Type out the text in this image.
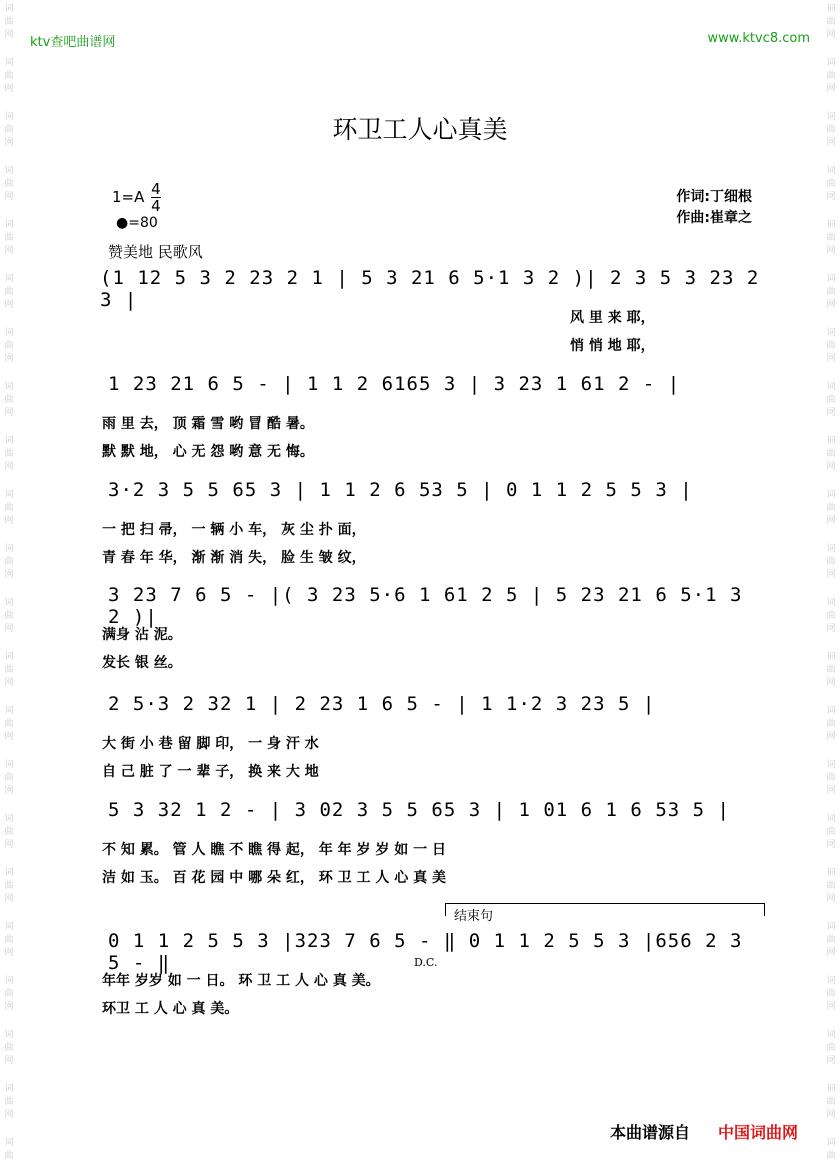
词
曲
网
词
曲
网
词
曲
网
词
曲
网
词
曲
网
词
曲
网
词
曲
网
词
曲
网
词
曲
网
词
曲
网
词
曲
网
词
曲
网
词
曲
网
词
曲
网
词
曲
网
词
曲
网
词
曲
网
词
曲
网
词
曲
网
词
曲
网
词
曲
网
词
曲
词
曲
网
词
曲
网
词
曲
网
词
曲
网
词
曲
网
词
曲
网
词
曲
网
词
曲
网
词
曲
网
词
曲
网
词
曲
网
词
曲
网
词
曲
网
词
曲
网
词
曲
网
词
曲
网
词
曲
网
词
曲
网
词
曲
网
词
曲
网
词
曲
网
词
曲
ktv查吧曲谱网	www.ktvc8.com
环卫工人心真美
$1=A \frac{4}{4}$
●=80
赞美地 民歌风
作词:丁细根
作曲:崔章之
(1 12 5 3 2 23 2 1 | 5 3 21 6 5·1 3 2 )| 2 3 5 3 23 2 3 |
风 里 来 耶，
悄 悄 地 耶，
1 23 21 6 5 - | 1 1 2 6165 3 | 3 23 1 61 2 - |
雨 里 去， 顶 霜 雪 哟 冒 酷 暑。
默 默 地， 心 无 怨 哟 意 无 悔。
3·2 3 5 5 65 3 | 1 1 2 6 53 5 | 0 1 1 2 5 5 3 |
一 把 扫 帚， 一 辆 小 车， 灰 尘 扑 面，
青 春 年 华， 渐 渐 消 失， 脸 生 皱 纹，
3 23 7 6 5 - |( 3 23 5·6 1 61 2 5 | 5 23 21 6 5·1 3 2 )|
满身 沾 泥。
发长 银 丝。
2 5·3 2 32 1 | 2 23 1 6 5 - | 1 1·2 3 23 5 |
大 街 小 巷 留 脚 印， 一 身 汗 水
自 己 脏 了 一 辈 子， 换 来 大 地
5 3 32 1 2 - | 3 02 3 5 5 65 3 | 1 01 6 1 6 53 5 |
不 知 累。 管 人 瞧 不 瞧 得 起， 年 年 岁 岁 如 一 日
洁 如 玉。 百 花 园 中 哪 朵 红， 环 卫 工 人 心 真 美
结束句
0 1 1 2 5 5 3 |323 7 6 5 - ‖ 0 1 1 2 5 5 3 |656 2 3 5 - ‖	D.C.
年年 岁岁 如 一 日。 环 卫 工 人 心 真 美。
环卫 工 人 心 真 美。
本曲谱源自 中国词曲网
